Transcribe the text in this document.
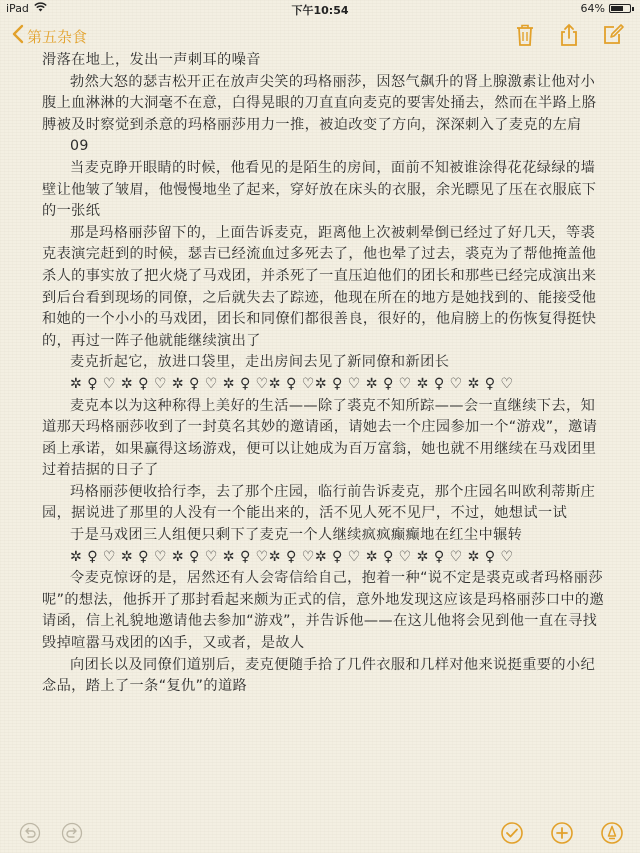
iPad	下午10:54	64%
第五杂食

滑落在地上，发出一声刺耳的噪音

勃然大怒的瑟吉松开正在放声尖笑的玛格丽莎，因怒气飙升的肾上腺激素让他对小腹上血淋淋的大洞毫不在意，白得晃眼的刀直直向麦克的要害处捅去，然而在半路上胳膊被及时察觉到杀意的玛格丽莎用力一推，被迫改变了方向，深深刺入了麦克的左肩

09

当麦克睁开眼睛的时候，他看见的是陌生的房间，面前不知被谁涂得花花绿绿的墙壁让他皱了皱眉，他慢慢地坐了起来，穿好放在床头的衣服，余光瞟见了压在衣服底下的一张纸

那是玛格丽莎留下的，上面告诉麦克，距离他上次被刺晕倒已经过了好几天，等裘克表演完赶到的时候，瑟吉已经流血过多死去了，他也晕了过去，裘克为了帮他掩盖他杀人的事实放了把火烧了马戏团，并杀死了一直压迫他们的团长和那些已经完成演出来到后台看到现场的同僚，之后就失去了踪迹，他现在所在的地方是她找到的、能接受他和她的一个小小的马戏团，团长和同僚们都很善良，很好的，他肩膀上的伤恢复得挺快的，再过一阵子他就能继续演出了

麦克折起它，放进口袋里，走出房间去见了新同僚和新团长

✲ ♀ ♡ ✲ ♀ ♡ ✲ ♀ ♡ ✲ ♀ ♡✲ ♀ ♡✲ ♀ ♡ ✲ ♀ ♡ ✲ ♀ ♡ ✲ ♀ ♡

麦克本以为这种称得上美好的生活——除了裘克不知所踪——会一直继续下去，知道那天玛格丽莎收到了一封莫名其妙的邀请函，请她去一个庄园参加一个“游戏”，邀请函上承诺，如果赢得这场游戏，便可以让她成为百万富翁，她也就不用继续在马戏团里过着拮据的日子了

玛格丽莎便收拾行李，去了那个庄园，临行前告诉麦克，那个庄园名叫欧利蒂斯庄园，据说进了那里的人没有一个能出来的，活不见人死不见尸，不过，她想试一试

于是马戏团三人组便只剩下了麦克一个人继续疯疯癫癫地在红尘中辗转

✲ ♀ ♡ ✲ ♀ ♡ ✲ ♀ ♡ ✲ ♀ ♡✲ ♀ ♡✲ ♀ ♡ ✲ ♀ ♡ ✲ ♀ ♡ ✲ ♀ ♡

令麦克惊讶的是，居然还有人会寄信给自己，抱着一种“说不定是裘克或者玛格丽莎呢”的想法，他拆开了那封看起来颇为正式的信，意外地发现这应该是玛格丽莎口中的邀请函，信上礼貌地邀请他去参加“游戏”，并告诉他——在这儿他将会见到他一直在寻找毁掉喧嚣马戏团的凶手，又或者，是故人

向团长以及同僚们道别后，麦克便随手拾了几件衣服和几样对他来说挺重要的小纪念品，踏上了一条“复仇”的道路
